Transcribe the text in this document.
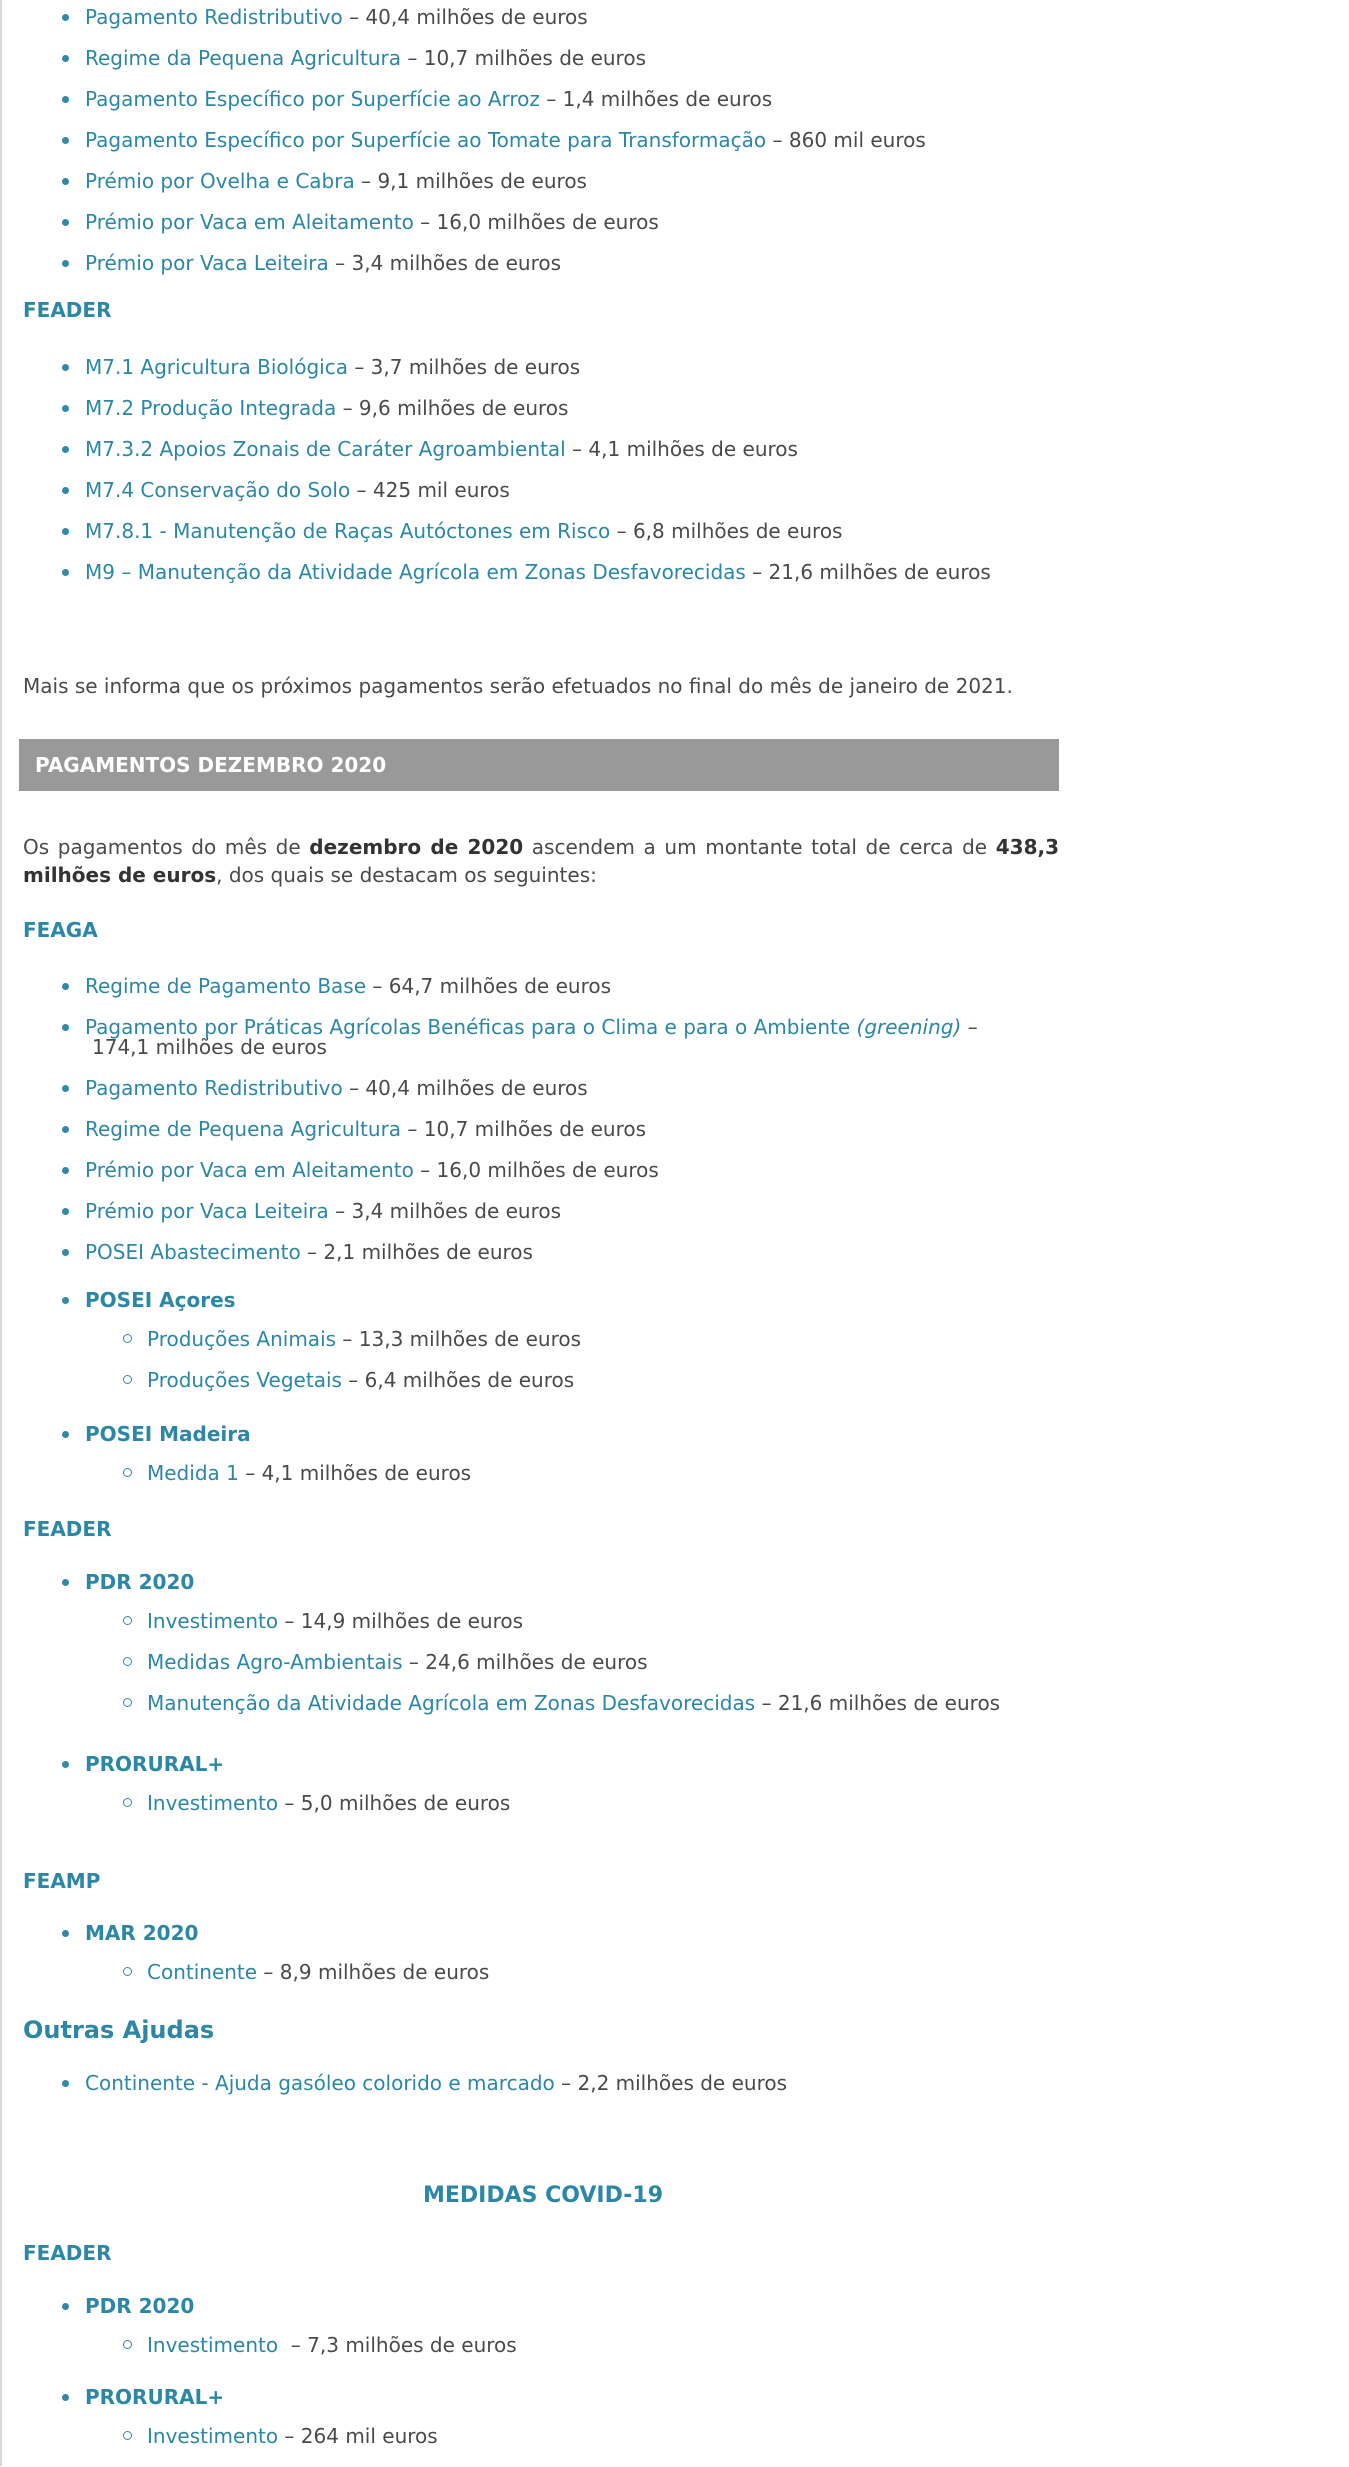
Pagamento Redistributivo – 40,4 milhões de euros
Regime da Pequena Agricultura – 10,7 milhões de euros
Pagamento Específico por Superfície ao Arroz – 1,4 milhões de euros
Pagamento Específico por Superfície ao Tomate para Transformação – 860 mil euros
Prémio por Ovelha e Cabra – 9,1 milhões de euros
Prémio por Vaca em Aleitamento – 16,0 milhões de euros
Prémio por Vaca Leiteira – 3,4 milhões de euros
FEADER
M7.1 Agricultura Biológica – 3,7 milhões de euros
M7.2 Produção Integrada – 9,6 milhões de euros
M7.3.2 Apoios Zonais de Caráter Agroambiental – 4,1 milhões de euros
M7.4 Conservação do Solo – 425 mil euros
M7.8.1 - Manutenção de Raças Autóctones em Risco – 6,8 milhões de euros
M9 – Manutenção da Atividade Agrícola em Zonas Desfavorecidas – 21,6 milhões de euros
Mais se informa que os próximos pagamentos serão efetuados no final do mês de janeiro de 2021.
PAGAMENTOS DEZEMBRO 2020
Os pagamentos do mês de dezembro de 2020 ascendem a um montante total de cerca de 438,3 milhões de euros, dos quais se destacam os seguintes:
FEAGA
Regime de Pagamento Base – 64,7 milhões de euros
Pagamento por Práticas Agrícolas Benéficas para o Clima e para o Ambiente (greening) –
174,1 milhões de euros
Pagamento Redistributivo – 40,4 milhões de euros
Regime de Pequena Agricultura – 10,7 milhões de euros
Prémio por Vaca em Aleitamento – 16,0 milhões de euros
Prémio por Vaca Leiteira – 3,4 milhões de euros
POSEI Abastecimento – 2,1 milhões de euros
POSEI Açores
Produções Animais – 13,3 milhões de euros
Produções Vegetais – 6,4 milhões de euros
POSEI Madeira
Medida 1 – 4,1 milhões de euros
FEADER
PDR 2020
Investimento – 14,9 milhões de euros
Medidas Agro-Ambientais – 24,6 milhões de euros
Manutenção da Atividade Agrícola em Zonas Desfavorecidas – 21,6 milhões de euros
PRORURAL+
Investimento – 5,0 milhões de euros
FEAMP
MAR 2020
Continente – 8,9 milhões de euros
Outras Ajudas
Continente - Ajuda gasóleo colorido e marcado – 2,2 milhões de euros
MEDIDAS COVID-19
FEADER
PDR 2020
Investimento  – 7,3 milhões de euros
PRORURAL+
Investimento – 264 mil euros
